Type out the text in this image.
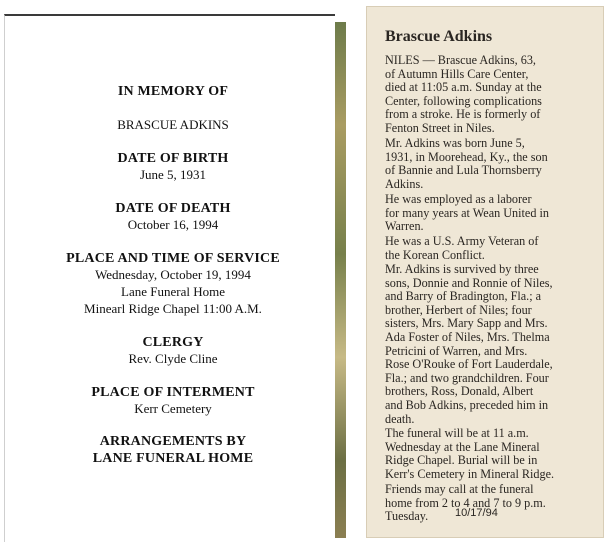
IN MEMORY OF
BRASCUE ADKINS
DATE OF BIRTH
June 5, 1931
DATE OF DEATH
October 16, 1994
PLACE AND TIME OF SERVICE
Wednesday, October 19, 1994
Lane Funeral Home
Minearl Ridge Chapel 11:00 A.M.
CLERGY
Rev. Clyde Cline
PLACE OF INTERMENT
Kerr Cemetery
ARRANGEMENTS BY
LANE FUNERAL HOME
Brascue Adkins

NILES — Brascue Adkins, 63,
of Autumn Hills Care Center,
died at 11:05 a.m. Sunday at the
Center, following complications
from a stroke. He is formerly of
Fenton Street in Niles.

Mr. Adkins was born June 5,
1931, in Moorehead, Ky., the son
of Bannie and Lula Thornsberry
Adkins.

He was employed as a laborer
for many years at Wean United in
Warren.

He was a U.S. Army Veteran of
the Korean Conflict.

Mr. Adkins is survived by three
sons, Donnie and Ronnie of Niles,
and Barry of Bradington, Fla.; a
brother, Herbert of Niles; four
sisters, Mrs. Mary Sapp and Mrs.
Ada Foster of Niles, Mrs. Thelma
Petricini of Warren, and Mrs.
Rose O'Rouke of Fort Lauderdale,
Fla.; and two grandchildren. Four
brothers, Ross, Donald, Albert
and Bob Adkins, preceded him in
death.

The funeral will be at 11 a.m.
Wednesday at the Lane Mineral
Ridge Chapel. Burial will be in
Kerr's Cemetery in Mineral Ridge.

Friends may call at the funeral
home from 2 to 4 and 7 to 9 p.m.
Tuesday.	10/17/94
